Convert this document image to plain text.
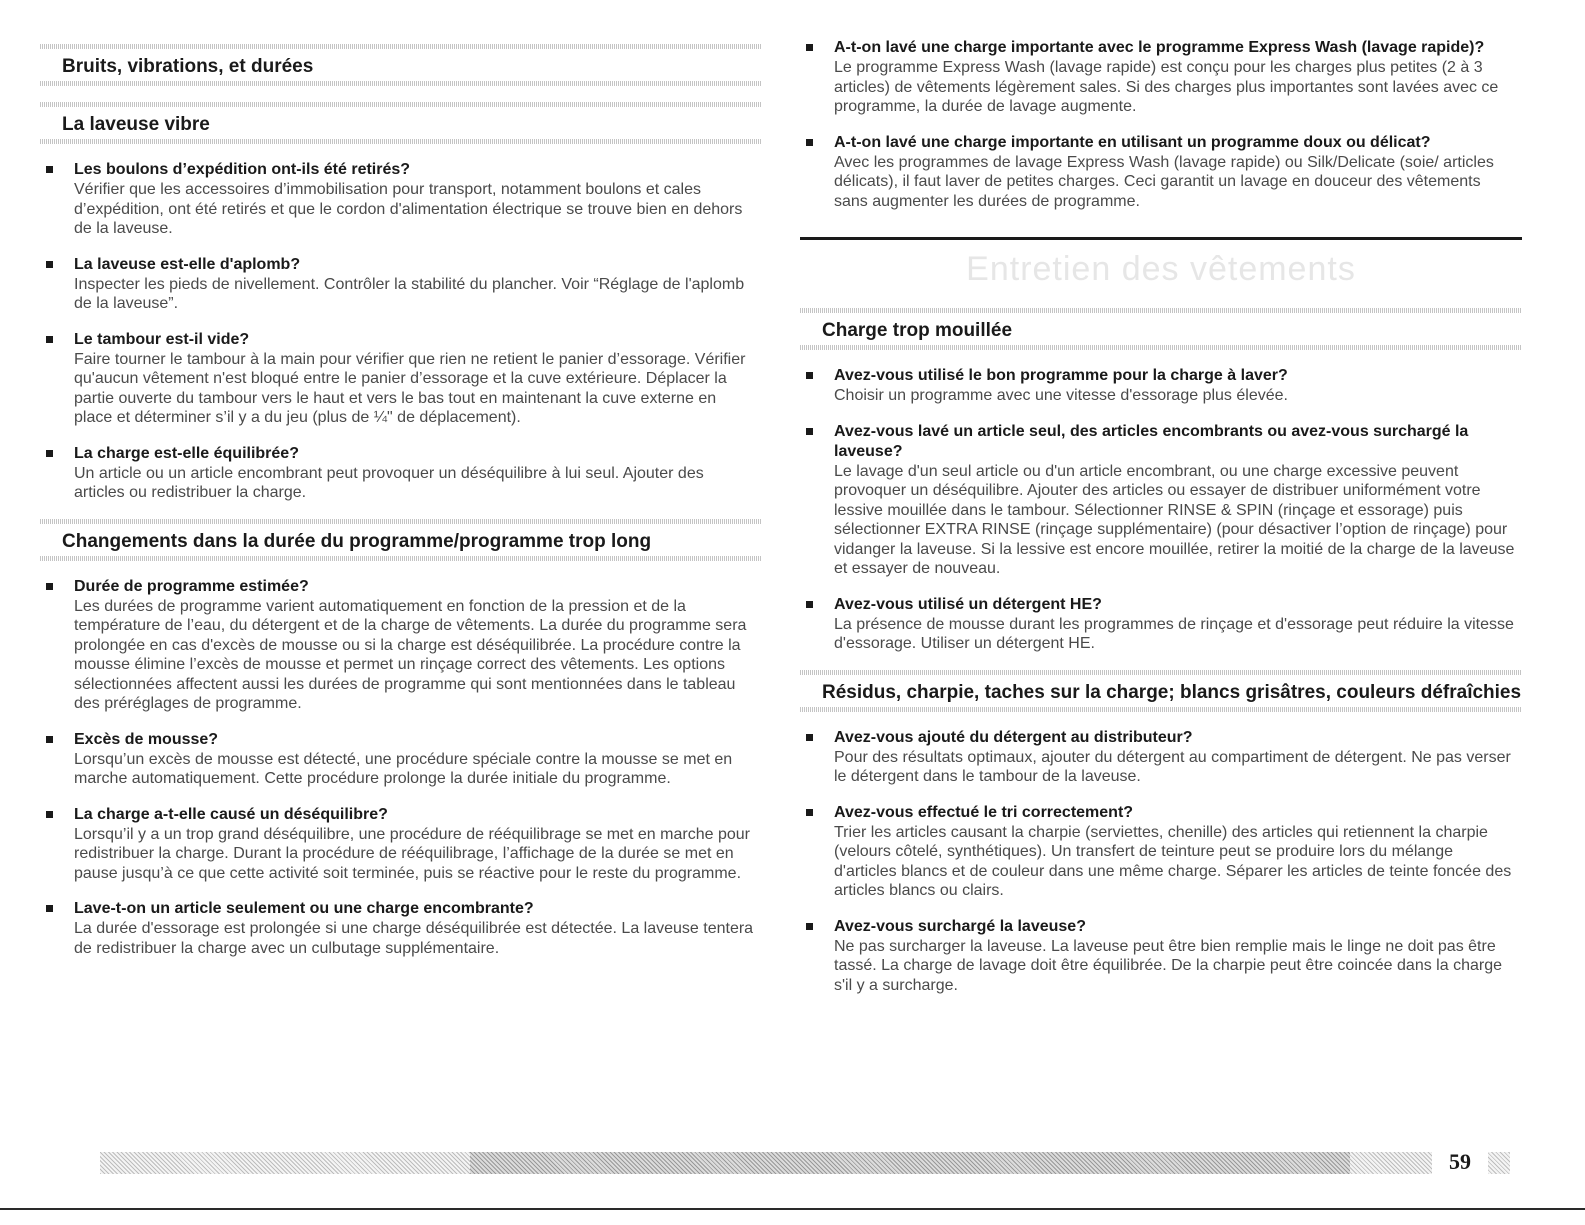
Bruits, vibrations, et durées
La laveuse vibre
Les boulons d’expédition ont-ils été retirés?
Vérifier que les accessoires d’immobilisation pour transport, notamment boulons et cales d’expédition, ont été retirés et que le cordon d'alimentation électrique se trouve bien en dehors de la laveuse.
La laveuse est-elle d'aplomb?
Inspecter les pieds de nivellement. Contrôler la stabilité du plancher. Voir “Réglage de l'aplomb de la laveuse”.
Le tambour est-il vide?
Faire tourner le tambour à la main pour vérifier que rien ne retient le panier d’essorage. Vérifier qu'aucun vêtement n'est bloqué entre le panier d’essorage et la cuve extérieure. Déplacer la partie ouverte du tambour vers le haut et vers le bas tout en maintenant la cuve externe en place et déterminer s’il y a du jeu (plus de ¼" de déplacement).
La charge est-elle équilibrée?
Un article ou un article encombrant peut provoquer un déséquilibre à lui seul. Ajouter des articles ou redistribuer la charge.
Changements dans la durée du programme/programme trop long
Durée de programme estimée?
Les durées de programme varient automatiquement en fonction de la pression et de la température de l’eau, du détergent et de la charge de vêtements. La durée du programme sera prolongée en cas d'excès de mousse ou si la charge est déséquilibrée. La procédure contre la mousse élimine l’excès de mousse et permet un rinçage correct des vêtements. Les options sélectionnées affectent aussi les durées de programme qui sont mentionnées dans le tableau des préréglages de programme.
Excès de mousse?
Lorsqu’un excès de mousse est détecté, une procédure spéciale contre la mousse se met en marche automatiquement. Cette procédure prolonge la durée initiale du programme.
La charge a-t-elle causé un déséquilibre?
Lorsqu’il y a un trop grand déséquilibre, une procédure de rééquilibrage se met en marche pour redistribuer la charge. Durant la procédure de rééquilibrage, l’affichage de la durée se met en pause jusqu’à ce que cette activité soit terminée, puis se réactive pour le reste du programme.
Lave-t-on un article seulement ou une charge encombrante?
La durée d'essorage est prolongée si une charge déséquilibrée est détectée. La laveuse tentera de redistribuer la charge avec un culbutage supplémentaire.
A-t-on lavé une charge importante avec le programme Express Wash (lavage rapide)?
Le programme Express Wash (lavage rapide) est conçu pour les charges plus petites (2 à 3 articles) de vêtements légèrement sales. Si des charges plus importantes sont lavées avec ce programme, la durée de lavage augmente.
A-t-on lavé une charge importante en utilisant un programme doux ou délicat?
Avec les programmes de lavage Express Wash (lavage rapide) ou Silk/Delicate (soie/ articles délicats), il faut laver de petites charges. Ceci garantit un lavage en douceur des vêtements sans augmenter les durées de programme.
Entretien des vêtements
Charge trop mouillée
Avez-vous utilisé le bon programme pour la charge à laver?
Choisir un programme avec une vitesse d'essorage plus élevée.
Avez-vous lavé un article seul, des articles encombrants ou avez-vous surchargé la laveuse?
Le lavage d'un seul article ou d'un article encombrant, ou une charge excessive peuvent provoquer un déséquilibre. Ajouter des articles ou essayer de distribuer uniformément votre lessive mouillée dans le tambour. Sélectionner RINSE & SPIN (rinçage et essorage) puis sélectionner EXTRA RINSE (rinçage supplémentaire) (pour désactiver l’option de rinçage) pour vidanger la laveuse. Si la lessive est encore mouillée, retirer la moitié de la charge de la laveuse et essayer de nouveau.
Avez-vous utilisé un détergent HE?
La présence de mousse durant les programmes de rinçage et d'essorage peut réduire la vitesse d'essorage. Utiliser un détergent HE.
Résidus, charpie, taches sur la charge; blancs grisâtres, couleurs défraîchies
Avez-vous ajouté du détergent au distributeur?
Pour des résultats optimaux, ajouter du détergent au compartiment de détergent. Ne pas verser le détergent dans le tambour de la laveuse.
Avez-vous effectué le tri correctement?
Trier les articles causant la charpie (serviettes, chenille) des articles qui retiennent la charpie (velours côtelé, synthétiques). Un transfert de teinture peut se produire lors du mélange d'articles blancs et de couleur dans une même charge. Séparer les articles de teinte foncée des articles blancs ou clairs.
Avez-vous surchargé la laveuse?
Ne pas surcharger la laveuse. La laveuse peut être bien remplie mais le linge ne doit pas être tassé. La charge de lavage doit être équilibrée. De la charpie peut être coincée dans la charge s'il y a surcharge.
59
